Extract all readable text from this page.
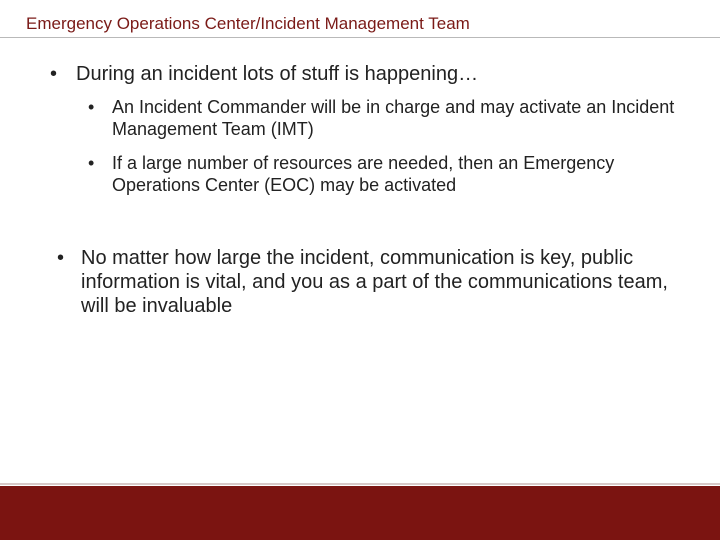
Emergency Operations Center/Incident Management Team
• During an incident lots of stuff is happening…
• An Incident Commander will be in charge and may activate an Incident Management Team (IMT)
• If a large number of resources are needed, then an Emergency Operations Center (EOC) may be activated
• No matter how large the incident, communication is key, public information is vital, and you as a part of the communications team, will be invaluable
